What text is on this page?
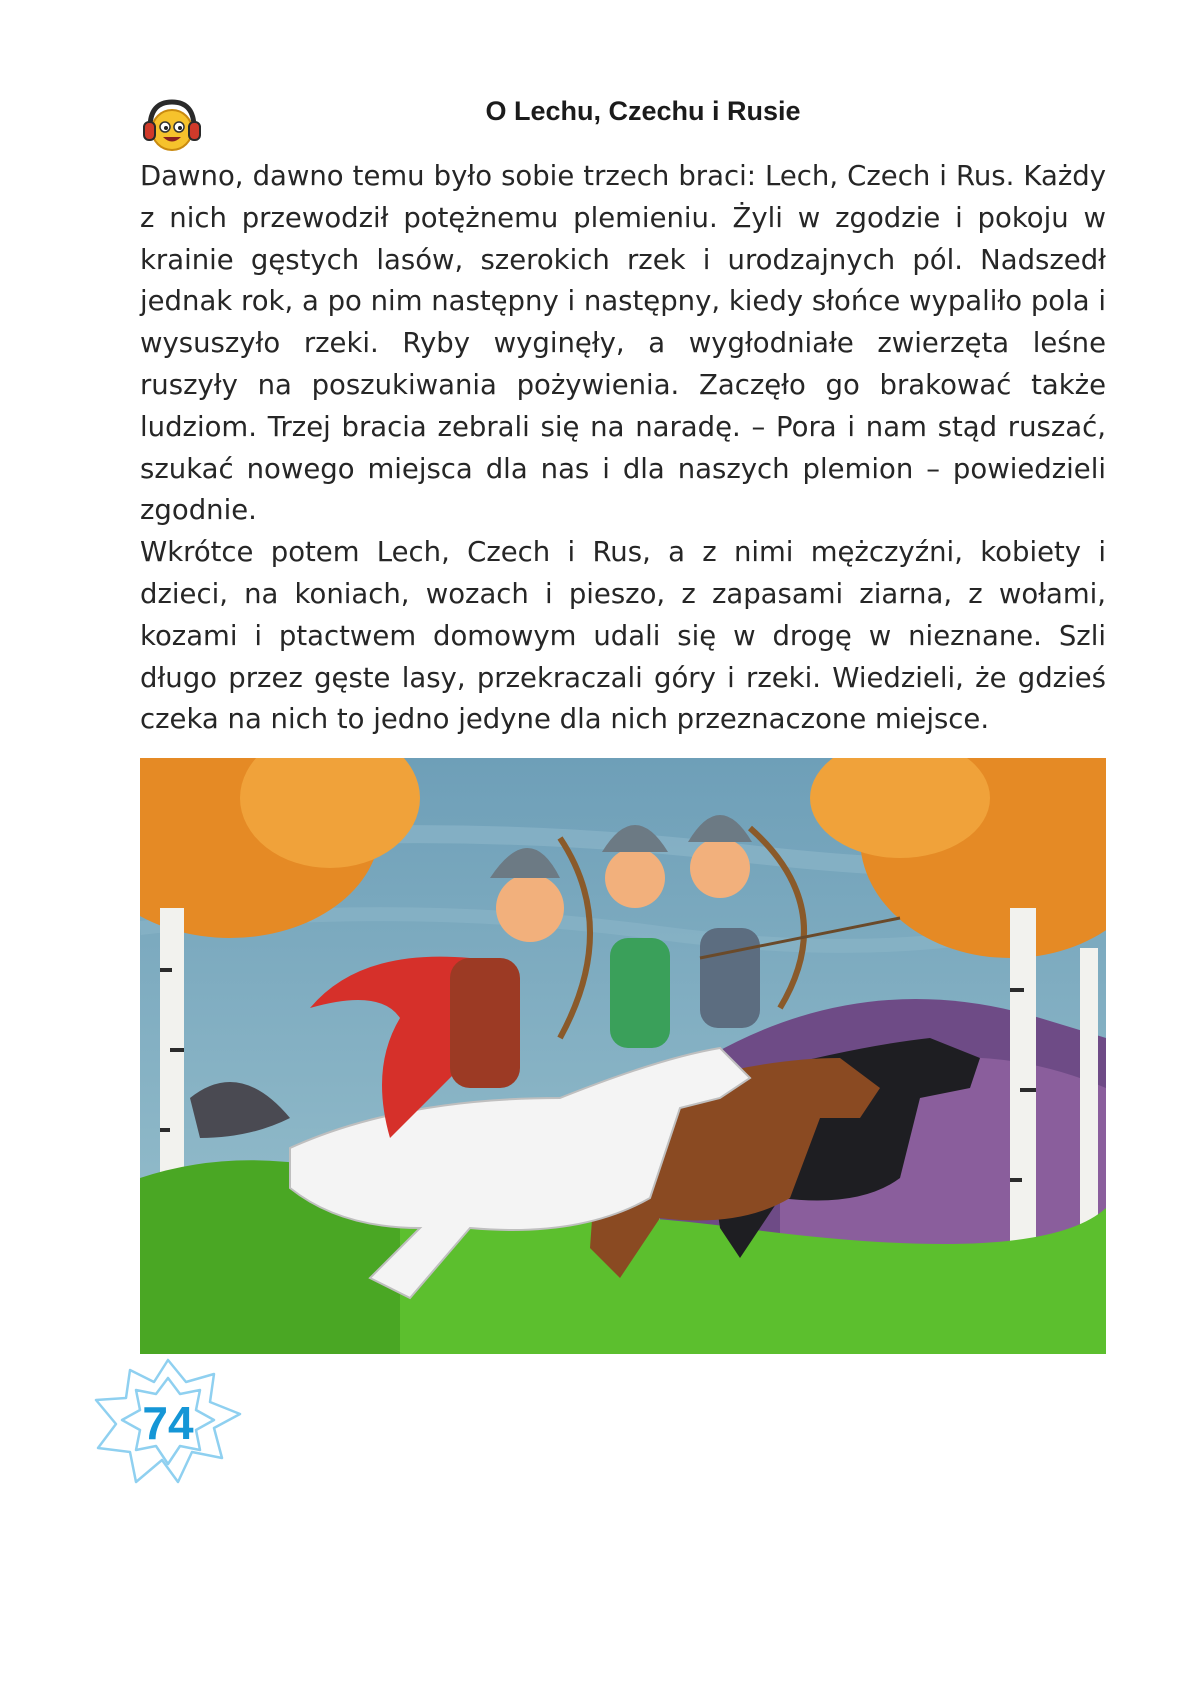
O Lechu, Czechu i Rusie

Dawno, dawno temu było sobie trzech braci: Lech, Czech i Rus. Każdy z nich przewodził potężnemu plemieniu. Żyli w zgodzie i pokoju w krainie gęstych lasów, szerokich rzek i urodzajnych pól. Nadszedł jednak rok, a po nim następny i następny, kiedy słońce wypaliło pola i wysuszyło rzeki. Ryby wyginęły, a wygłodniałe zwierzęta leśne ruszyły na poszukiwania pożywienia. Zaczęło go brakować także ludziom. Trzej bracia zebrali się na naradę. – Pora i nam stąd ruszać, szukać nowego miejsca dla nas i dla naszych plemion – powiedzieli zgodnie.

Wkrótce potem Lech, Czech i Rus, a z nimi mężczyźni, kobiety i dzieci, na koniach, wozach i pieszo, z zapasami ziarna, z wołami, kozami i ptactwem domowym udali się w drogę w nieznane. Szli długo przez gęste lasy, przekraczali góry i rzeki. Wiedzieli, że gdzieś czeka na nich to jedno jedyne dla nich przeznaczone miejsce.

74
